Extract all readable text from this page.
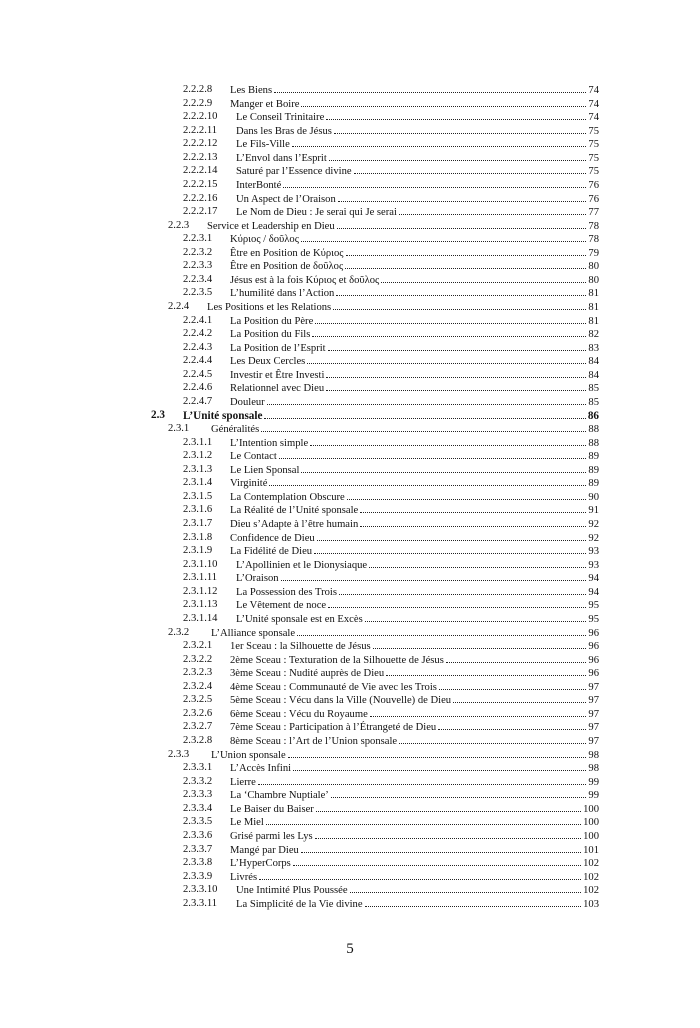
2.2.2.8 Les Biens	74
2.2.2.9 Manger et Boire	74
2.2.2.10 Le Conseil Trinitaire	74
2.2.2.11 Dans les Bras de Jésus	75
2.2.2.12 Le Fils-Ville	75
2.2.2.13 L’Envol dans l’Esprit	75
2.2.2.14 Saturé par l’Essence divine	75
2.2.2.15 InterBonté	76
2.2.2.16 Un Aspect de l’Oraison	76
2.2.2.17 Le Nom de Dieu : Je serai qui Je serai	77
2.2.3 Service et Leadership en Dieu	78
2.2.3.1 Κύριος / δοῦλος	78
2.2.3.2 Être en Position de Κύριος	79
2.2.3.3 Être en Position de δοῦλος	80
2.2.3.4 Jésus est à la fois Κύριος et δοῦλος	80
2.2.3.5 L’humilité dans l’Action	81
2.2.4 Les Positions et les Relations	81
2.2.4.1 La Position du Père	81
2.2.4.2 La Position du Fils	82
2.2.4.3 La Position de l’Esprit	83
2.2.4.4 Les Deux Cercles	84
2.2.4.5 Investir et Être Investi	84
2.2.4.6 Relationnel avec Dieu	85
2.2.4.7 Douleur	85
2.3 L’Unité sponsale	86
2.3.1 Généralités	88
2.3.1.1 L’Intention simple	88
2.3.1.2 Le Contact	89
2.3.1.3 Le Lien Sponsal	89
2.3.1.4 Virginité	89
2.3.1.5 La Contemplation Obscure	90
2.3.1.6 La Réalité de l’Unité sponsale	91
2.3.1.7 Dieu s’Adapte à l’être humain	92
2.3.1.8 Confidence de Dieu	92
2.3.1.9 La Fidélité de Dieu	93
2.3.1.10 L’Apollinien et le Dionysiaque	93
2.3.1.11 L’Oraison	94
2.3.1.12 La Possession des Trois	94
2.3.1.13 Le Vêtement de noce	95
2.3.1.14 L’Unité sponsale est en Excès	95
2.3.2 L’Alliance sponsale	96
2.3.2.1 1er Sceau : la Silhouette de Jésus	96
2.3.2.2 2ème Sceau : Texturation de la Silhouette de Jésus	96
2.3.2.3 3ème Sceau : Nudité auprès de Dieu	96
2.3.2.4 4ème Sceau : Communauté de Vie avec les Trois	97
2.3.2.5 5ème Sceau : Vécu dans la Ville (Nouvelle) de Dieu	97
2.3.2.6 6ème Sceau : Vécu du Royaume	97
2.3.2.7 7ème Sceau : Participation à l’Étrangeté de Dieu	97
2.3.2.8 8ème Sceau : l’Art de l’Union sponsale	97
2.3.3 L’Union sponsale	98
2.3.3.1 L’Accès Infini	98
2.3.3.2 Lierre	99
2.3.3.3 La ‘Chambre Nuptiale’	99
2.3.3.4 Le Baiser du Baiser	100
2.3.3.5 Le Miel	100
2.3.3.6 Grisé parmi les Lys	100
2.3.3.7 Mangé par Dieu	101
2.3.3.8 L’HyperCorps	102
2.3.3.9 Livrés	102
2.3.3.10 Une Intimité Plus Poussée	102
2.3.3.11 La Simplicité de la Vie divine	103
5
